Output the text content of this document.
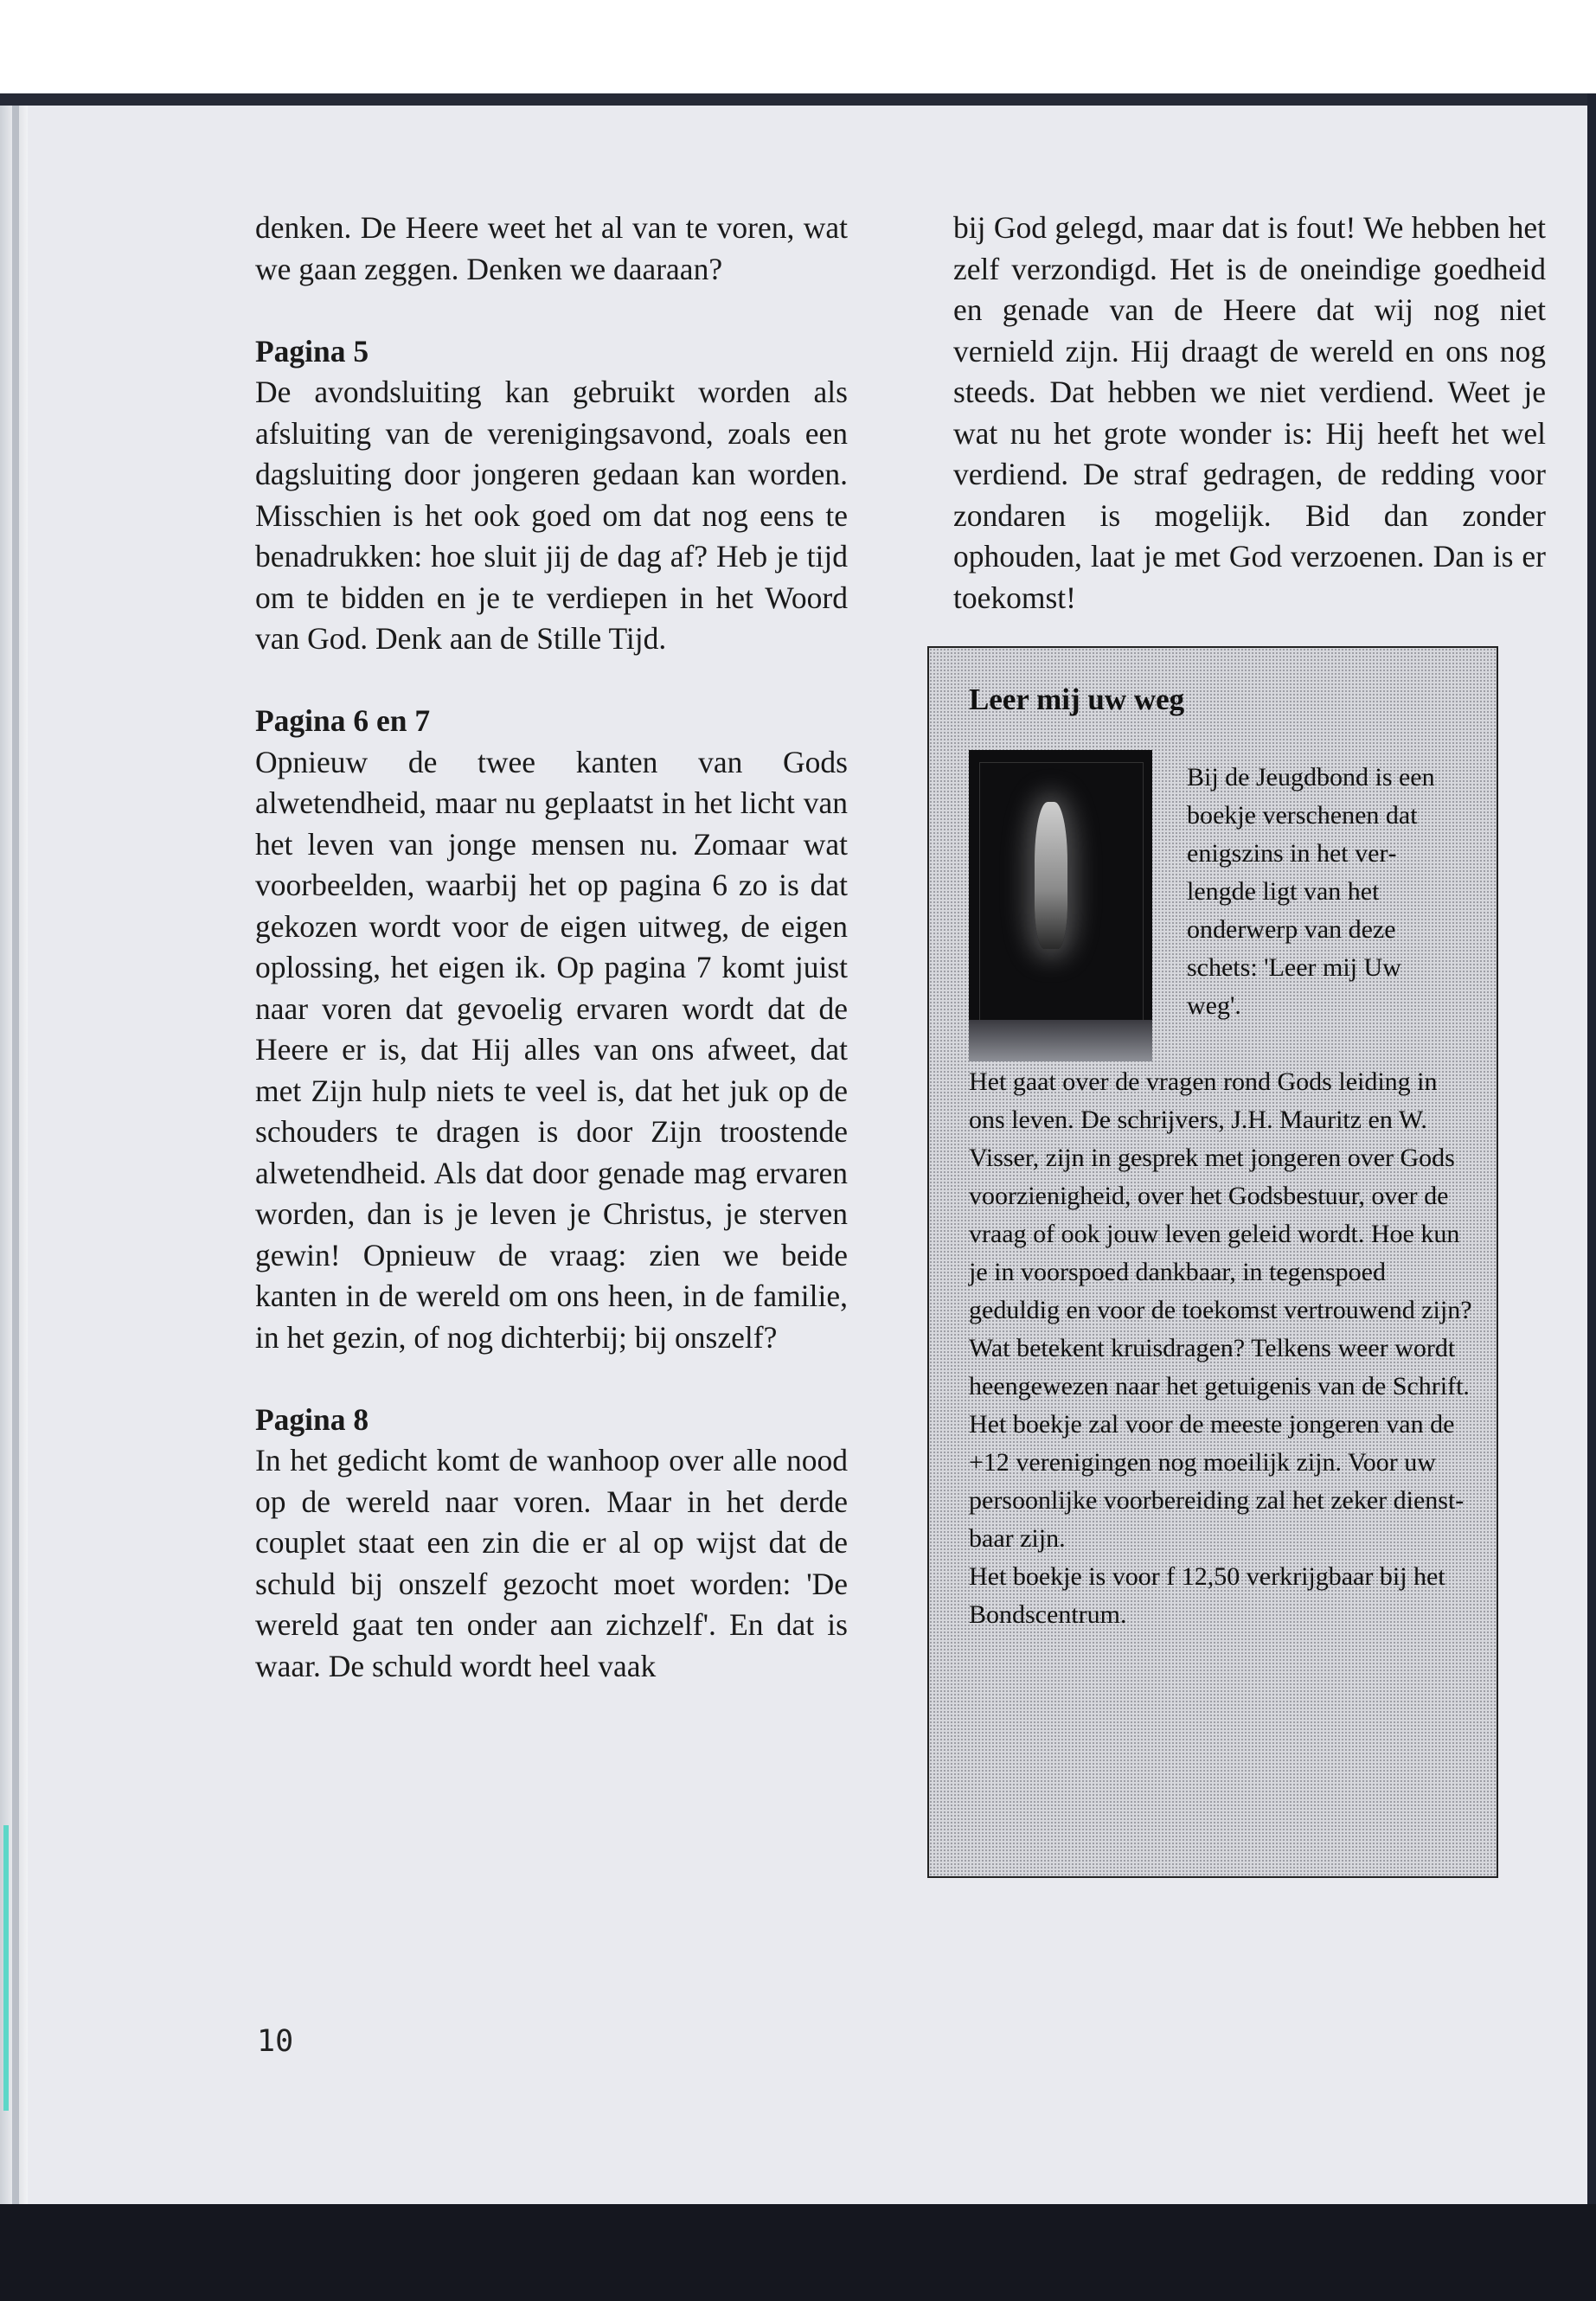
denken. De Heere weet het al van te voren, wat we gaan zeggen. Denken we daaraan?

Pagina 5

De avondsluiting kan gebruikt worden als afsluiting van de verenigingsavond, zoals een dagsluiting door jongeren gedaan kan worden. Misschien is het ook goed om dat nog eens te benadrukken: hoe sluit jij de dag af? Heb je tijd om te bidden en je te verdiepen in het Woord van God. Denk aan de Stille Tijd.

Pagina 6 en 7

Opnieuw de twee kanten van Gods alwetendheid, maar nu geplaatst in het licht van het leven van jonge mensen nu. Zomaar wat voorbeelden, waarbij het op pagina 6 zo is dat gekozen wordt voor de eigen uitweg, de eigen oplossing, het eigen ik. Op pagina 7 komt juist naar voren dat gevoelig ervaren wordt dat de Heere er is, dat Hij alles van ons afweet, dat met Zijn hulp niets te veel is, dat het juk op de schouders te dragen is door Zijn troostende alwetendheid. Als dat door genade mag ervaren worden, dan is je leven je Christus, je sterven gewin! Opnieuw de vraag: zien we beide kanten in de wereld om ons heen, in de familie, in het gezin, of nog dichterbij; bij onszelf?

Pagina 8

In het gedicht komt de wanhoop over alle nood op de wereld naar voren. Maar in het derde couplet staat een zin die er al op wijst dat de schuld bij onszelf gezocht moet worden: 'De wereld gaat ten onder aan zichzelf'. En dat is waar. De schuld wordt heel vaak

bij God gelegd, maar dat is fout! We hebben het zelf verzondigd. Het is de oneindige goedheid en genade van de Heere dat wij nog niet vernield zijn. Hij draagt de wereld en ons nog steeds. Dat hebben we niet verdiend. Weet je wat nu het grote wonder is: Hij heeft het wel verdiend. De straf gedragen, de redding voor zondaren is mogelijk. Bid dan zonder ophouden, laat je met God verzoenen. Dan is er toekomst!

10
Leer mij uw weg

Bij de Jeugdbond is een boekje verschenen dat enigszins in het verlengde ligt van het onderwerp van deze schets: 'Leer mij Uw weg'.

Het gaat over de vragen rond Gods leiding in ons leven. De schrijvers, J.H. Mauritz en W. Visser, zijn in gesprek met jongeren over Gods voorzienigheid, over het Godsbestuur, over de vraag of ook jouw leven geleid wordt. Hoe kun je in voorspoed dankbaar, in tegenspoed geduldig en voor de toekomst vertrouwend zijn? Wat betekent kruisdragen? Telkens weer wordt heengewezen naar het getuigenis van de Schrift.

Het boekje zal voor de meeste jongeren van de +12 verenigingen nog moeilijk zijn. Voor uw persoonlijke voorbereiding zal het zeker dienstbaar zijn.

Het boekje is voor f 12,50 verkrijgbaar bij het Bondscentrum.
